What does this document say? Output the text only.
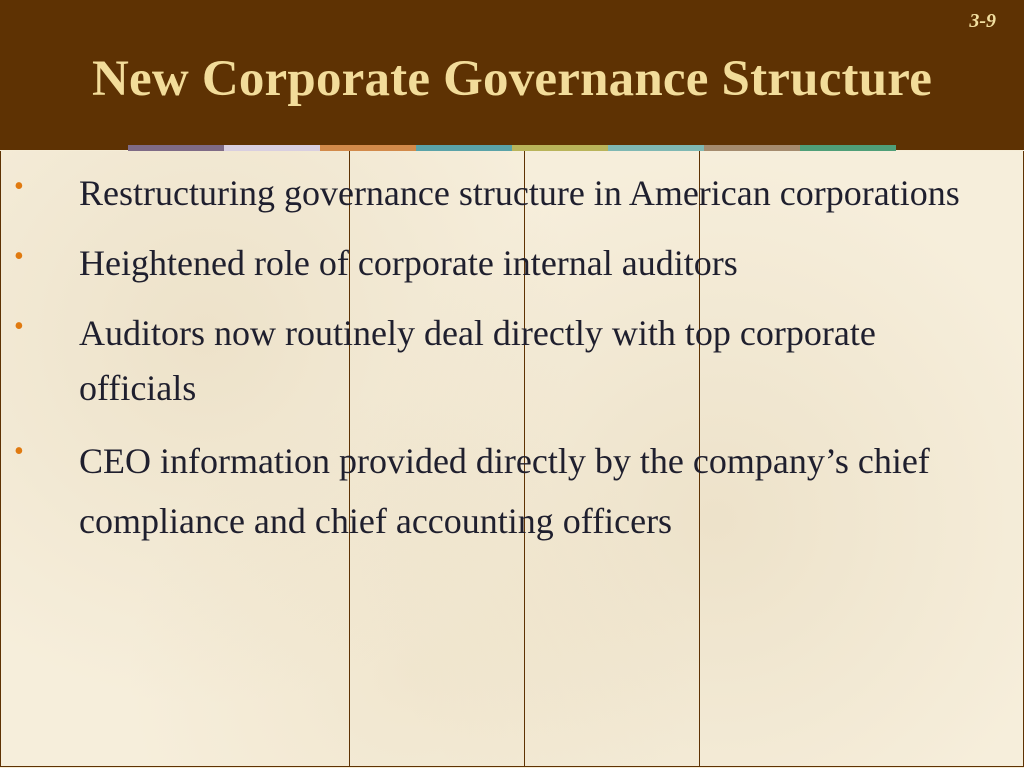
3-9
New Corporate Governance Structure
• Restructuring governance structure in American corporations
• Heightened role of corporate internal auditors
• Auditors now routinely deal directly with top corporate officials
• CEO information provided directly by the company’s chief compliance and chief accounting officers
